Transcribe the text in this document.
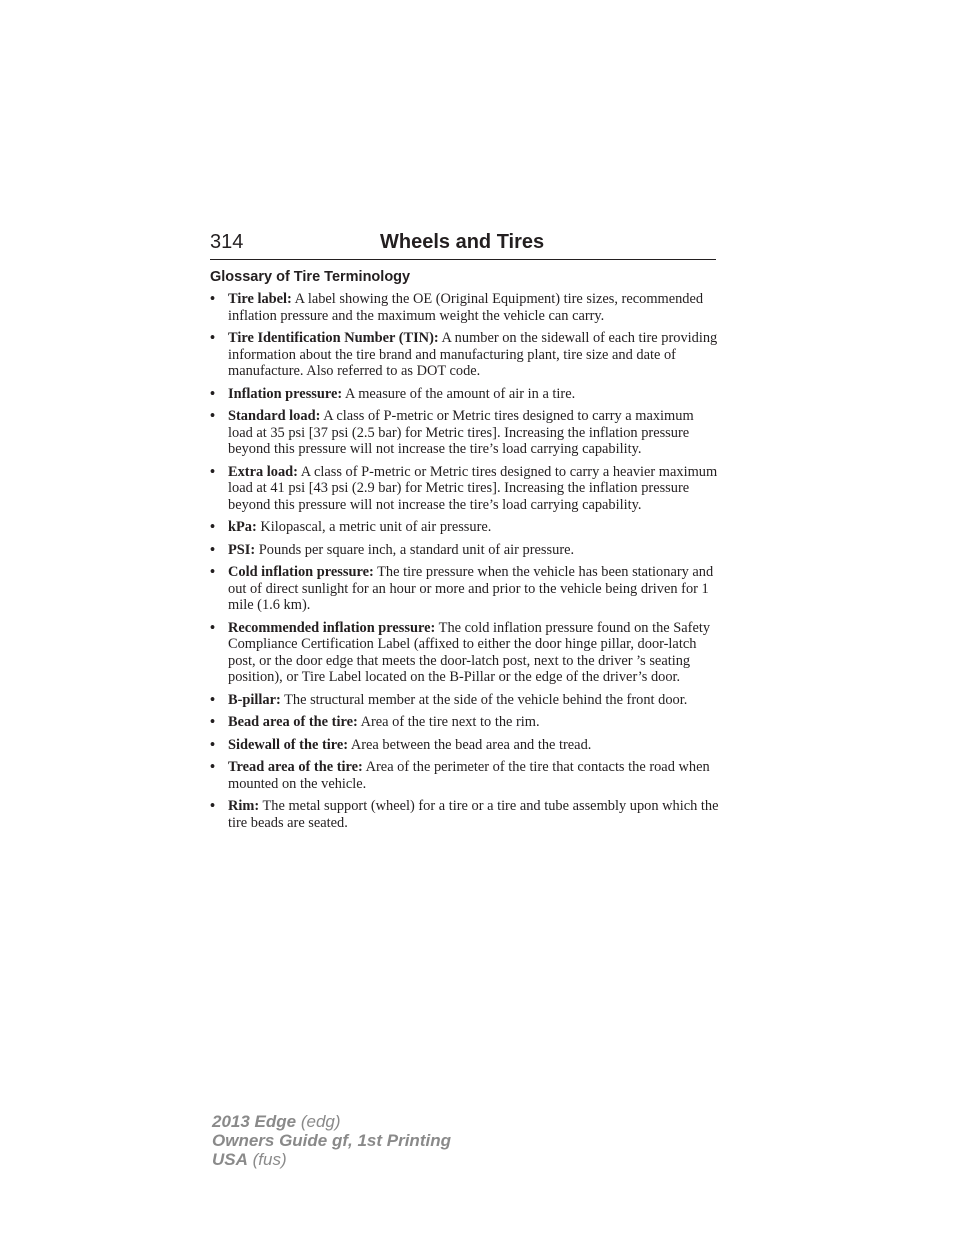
314	Wheels and Tires
Glossary of Tire Terminology
• Tire label: A label showing the OE (Original Equipment) tire sizes, recommended inflation pressure and the maximum weight the vehicle can carry.
• Tire Identification Number (TIN): A number on the sidewall of each tire providing information about the tire brand and manufacturing plant, tire size and date of manufacture. Also referred to as DOT code.
• Inflation pressure: A measure of the amount of air in a tire.
• Standard load: A class of P-metric or Metric tires designed to carry a maximum load at 35 psi [37 psi (2.5 bar) for Metric tires]. Increasing the inflation pressure beyond this pressure will not increase the tire’s load carrying capability.
• Extra load: A class of P-metric or Metric tires designed to carry a heavier maximum load at 41 psi [43 psi (2.9 bar) for Metric tires]. Increasing the inflation pressure beyond this pressure will not increase the tire’s load carrying capability.
• kPa: Kilopascal, a metric unit of air pressure.
• PSI: Pounds per square inch, a standard unit of air pressure.
• Cold inflation pressure: The tire pressure when the vehicle has been stationary and out of direct sunlight for an hour or more and prior to the vehicle being driven for 1 mile (1.6 km).
• Recommended inflation pressure: The cold inflation pressure found on the Safety Compliance Certification Label (affixed to either the door hinge pillar, door-latch post, or the door edge that meets the door-latch post, next to the driver ’s seating position), or Tire Label located on the B-Pillar or the edge of the driver’s door.
• B-pillar: The structural member at the side of the vehicle behind the front door.
• Bead area of the tire: Area of the tire next to the rim.
• Sidewall of the tire: Area between the bead area and the tread.
• Tread area of the tire: Area of the perimeter of the tire that contacts the road when mounted on the vehicle.
• Rim: The metal support (wheel) for a tire or a tire and tube assembly upon which the tire beads are seated.
2013 Edge (edg)
Owners Guide gf, 1st Printing
USA (fus)
